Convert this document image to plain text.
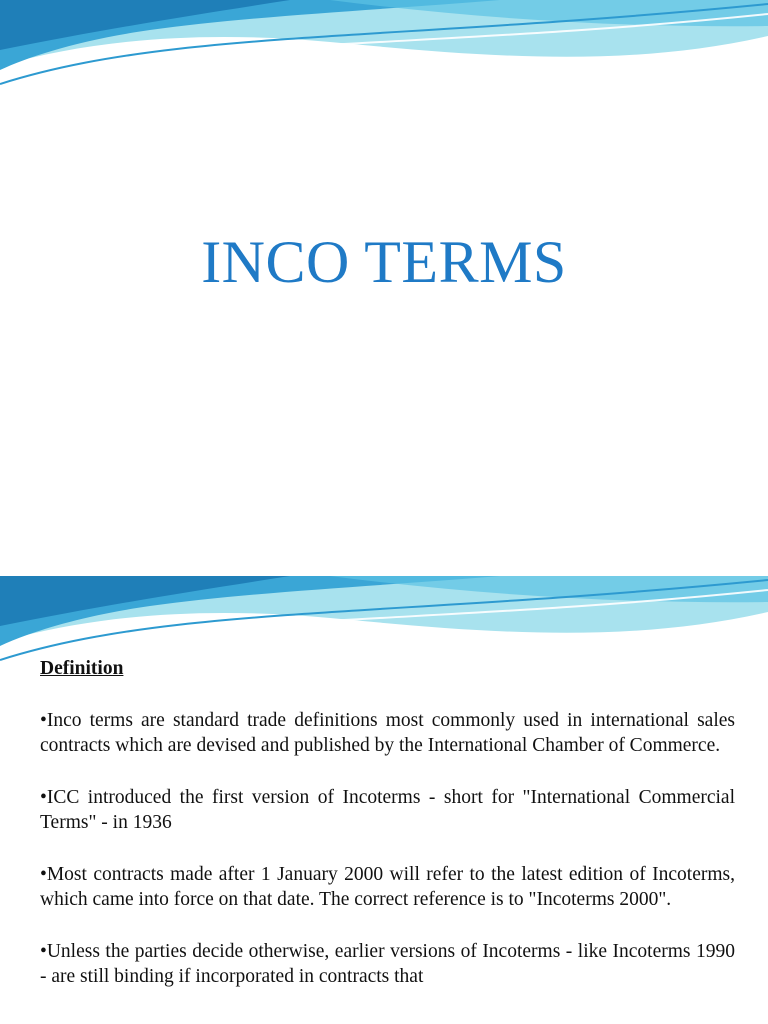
INCO TERMS
Definition
•Inco terms are standard trade definitions most commonly used in international sales contracts which are devised and published by the International Chamber of Commerce.
•ICC introduced the first version of Incoterms - short for "International Commercial Terms" - in 1936
•Most contracts made after 1 January 2000 will refer to the latest edition of Incoterms, which came into force on that date. The correct reference is to "Incoterms 2000".
•Unless the parties decide otherwise, earlier versions of Incoterms - like Incoterms 1990 - are still binding if incorporated in contracts that
